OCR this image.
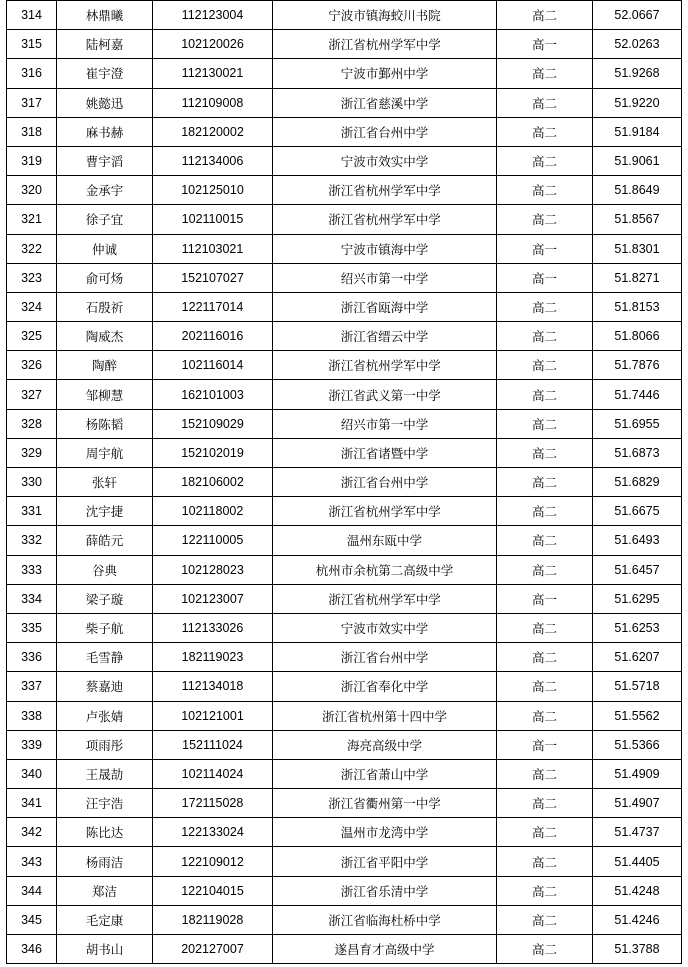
314	林鼎曦	112123004	宁波市镇海蛟川书院	高二	52.0667
315	陆柯嘉	102120026	浙江省杭州学军中学	高一	52.0263
316	崔宇澄	112130021	宁波市鄞州中学	高二	51.9268
317	姚懿迅	112109008	浙江省慈溪中学	高二	51.9220
318	麻书赫	182120002	浙江省台州中学	高二	51.9184
319	曹宇滔	112134006	宁波市效实中学	高二	51.9061
320	金承宇	102125010	浙江省杭州学军中学	高二	51.8649
321	徐子宜	102110015	浙江省杭州学军中学	高二	51.8567
322	仲诚	112103021	宁波市镇海中学	高一	51.8301
323	俞可炀	152107027	绍兴市第一中学	高一	51.8271
324	石殷祈	122117014	浙江省瓯海中学	高二	51.8153
325	陶威杰	202116016	浙江省缙云中学	高二	51.8066
326	陶醉	102116014	浙江省杭州学军中学	高二	51.7876
327	邹柳慧	162101003	浙江省武义第一中学	高二	51.7446
328	杨陈韬	152109029	绍兴市第一中学	高二	51.6955
329	周宇航	152102019	浙江省诸暨中学	高二	51.6873
330	张轩	182106002	浙江省台州中学	高二	51.6829
331	沈宇捷	102118002	浙江省杭州学军中学	高二	51.6675
332	薛皓元	122110005	温州东瓯中学	高二	51.6493
333	谷典	102128023	杭州市余杭第二高级中学	高二	51.6457
334	梁子璇	102123007	浙江省杭州学军中学	高一	51.6295
335	柴子航	112133026	宁波市效实中学	高二	51.6253
336	毛雪静	182119023	浙江省台州中学	高二	51.6207
337	蔡嘉迪	112134018	浙江省奉化中学	高二	51.5718
338	卢张婧	102121001	浙江省杭州第十四中学	高二	51.5562
339	项雨彤	152111024	海亮高级中学	高一	51.5366
340	王晟劼	102114024	浙江省萧山中学	高二	51.4909
341	汪宇浩	172115028	浙江省衢州第一中学	高二	51.4907
342	陈比达	122133024	温州市龙湾中学	高二	51.4737
343	杨雨洁	122109012	浙江省平阳中学	高二	51.4405
344	郑洁	122104015	浙江省乐清中学	高二	51.4248
345	毛定康	182119028	浙江省临海杜桥中学	高二	51.4246
346	胡书山	202127007	遂昌育才高级中学	高二	51.3788
